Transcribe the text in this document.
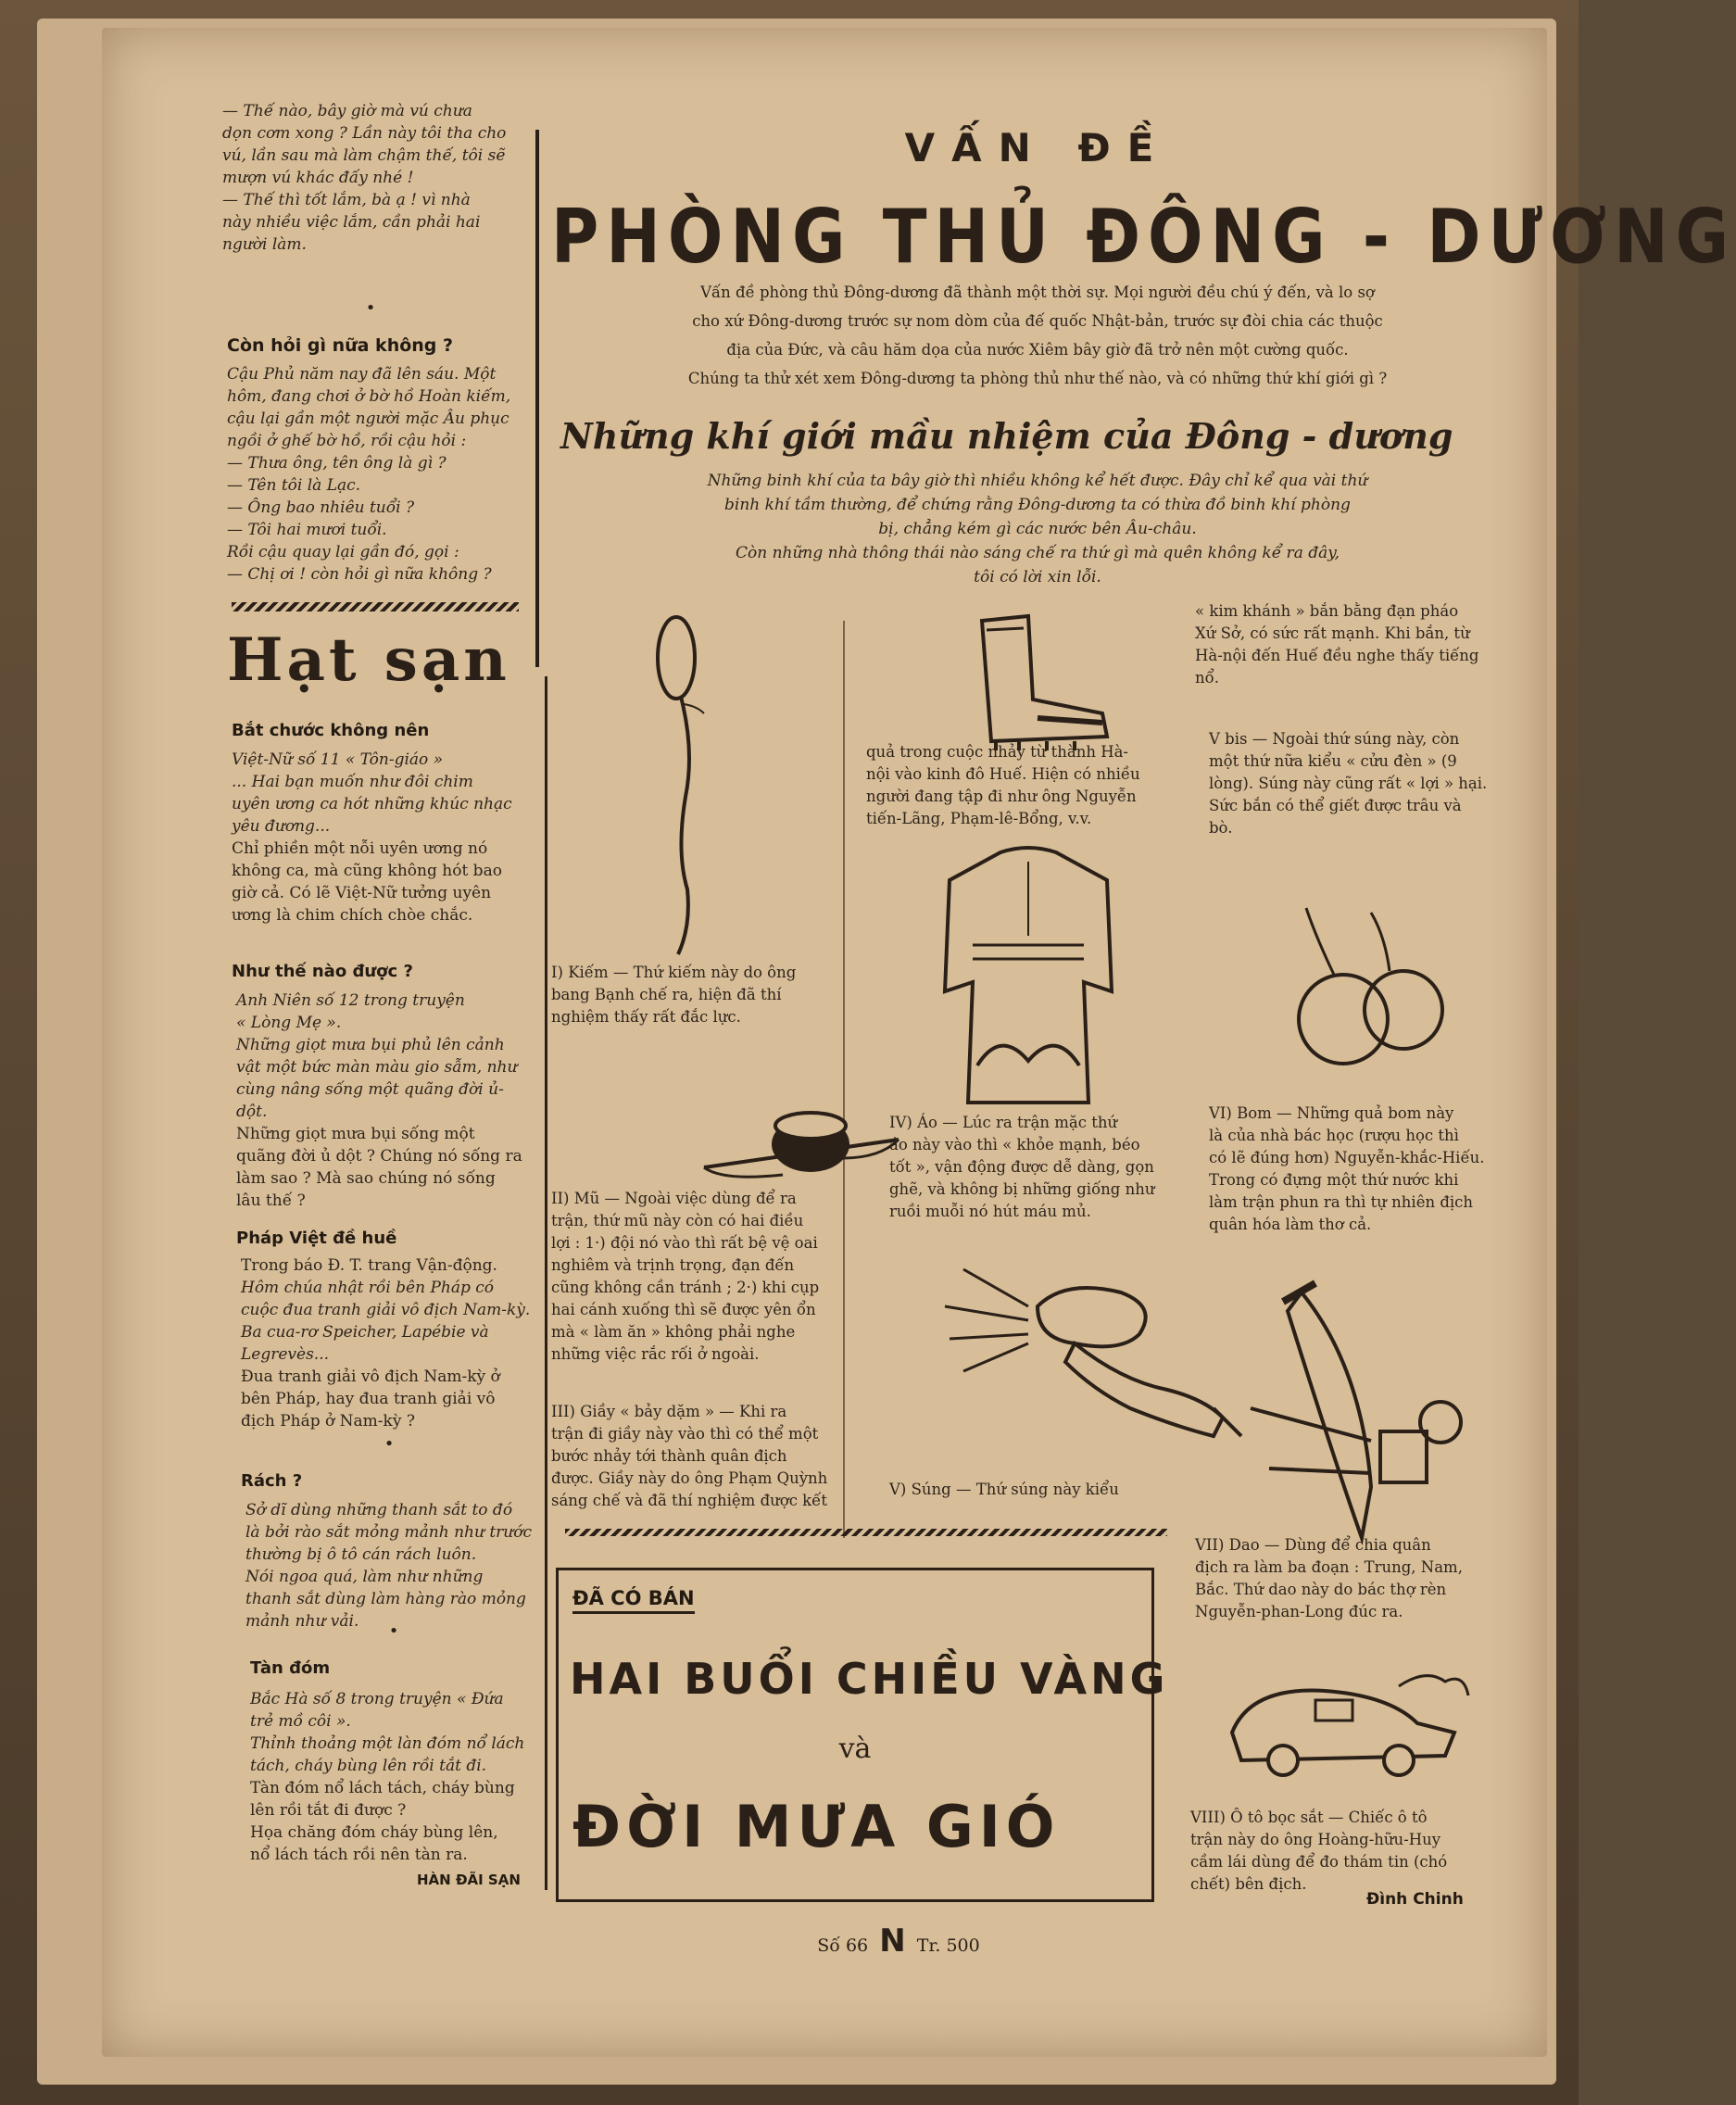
— Thế nào, bây giờ mà vú chưa
dọn cơm xong ? Lần này tôi tha cho
vú, lần sau mà làm chậm thế, tôi sẽ
mượn vú khác đấy nhé !
— Thế thì tốt lắm, bà ạ ! vì nhà
này nhiều việc lắm, cần phải hai
người làm.
•
Còn hỏi gì nữa không ?
Cậu Phủ năm nay đã lên sáu. Một
hôm, đang chơi ở bờ hồ Hoàn kiếm,
cậu lại gần một người mặc Âu phục
ngồi ở ghế bờ hồ, rồi cậu hỏi :
— Thưa ông, tên ông là gì ?
— Tên tôi là Lạc.
— Ông bao nhiêu tuổi ?
— Tôi hai mươi tuổi.
Rồi cậu quay lại gần đó, gọi :
— Chị ơi ! còn hỏi gì nữa không ?
Hạt sạn
Bắt chước không nên
Việt-Nữ số 11 « Tôn-giáo »
... Hai bạn muốn như đôi chim
uyên ương ca hót những khúc nhạc
yêu đương...
Chỉ phiền một nỗi uyên ương nó
không ca, mà cũng không hót bao
giờ cả. Có lẽ Việt-Nữ tưởng uyên
ương là chim chích chòe chắc.
Như thế nào được ?
Anh Niên số 12 trong truyện
« Lòng Mẹ ».
Những giọt mưa bụi phủ lên cảnh
vật một bức màn màu gio sẫm, như
cùng nâng sống một quãng đời ủ-
dột.
Những giọt mưa bụi sống một
quãng đời ủ dột ? Chúng nó sống ra
làm sao ? Mà sao chúng nó sống
lâu thế ?
Pháp Việt đề huề
Trong báo Đ. T. trang Vận-động.
Hôm chúa nhật rồi bên Pháp có
cuộc đua tranh giải vô địch Nam-kỳ.
Ba cua-rơ Speicher, Lapébie và
Legrevès...
Đua tranh giải vô địch Nam-kỳ ở
bên Pháp, hay đua tranh giải vô
địch Pháp ở Nam-kỳ ?
•
Rách ?
Sở dĩ dùng những thanh sắt to đó
là bởi rào sắt mỏng mảnh như trước
thường bị ô tô cán rách luôn.
Nói ngoa quá, làm như những
thanh sắt dùng làm hàng rào mỏng
mảnh như vải.	•
Tàn đóm
Bắc Hà số 8 trong truyện « Đứa
trẻ mồ côi ».
Thỉnh thoảng một làn đóm nổ lách
tách, cháy bùng lên rồi tắt đi.
Tàn đóm nổ lách tách, cháy bùng
lên rồi tắt đi được ?
Họa chăng đóm cháy bùng lên,
nổ lách tách rồi nên tàn ra.
HÀN ĐÃI SẠN
VẤN ĐỀ
PHÒNG THỦ ĐÔNG - DƯƠNG
Vấn đề phòng thủ Đông-dương đã thành một thời sự. Mọi người đều chú ý đến, và lo sợ
cho xứ Đông-dương trước sự nom dòm của đế quốc Nhật-bản, trước sự đòi chia các thuộc
địa của Đức, và câu hăm dọa của nước Xiêm bây giờ đã trở nên một cường quốc.
Chúng ta thử xét xem Đông-dương ta phòng thủ như thế nào, và có những thứ khí giới gì ?
Những khí giới mầu nhiệm của Đông - dương
Những binh khí của ta bây giờ thì nhiều không kể hết được. Đây chỉ kể qua vài thứ
binh khí tầm thường, để chứng rằng Đông-dương ta có thừa đồ binh khí phòng
bị, chẳng kém gì các nước bên Âu-châu.
Còn những nhà thông thái nào sáng chế ra thứ gì mà quên không kể ra đây,
tôi có lời xin lỗi.
I) Kiếm — Thứ kiếm này do ông
bang Bạnh chế ra, hiện đã thí
nghiệm thấy rất đắc lực.
II) Mũ — Ngoài việc dùng để ra
trận, thứ mũ này còn có hai điều
lợi : 1·) đội nó vào thì rất bệ vệ oai
nghiêm và trịnh trọng, đạn đến
cũng không cần tránh ; 2·) khi cụp
hai cánh xuống thì sẽ được yên ổn
mà « làm ăn » không phải nghe
những việc rắc rối ở ngoài.
III) Giầy « bảy dặm » — Khi ra
trận đi giầy này vào thì có thể một
bước nhảy tới thành quân địch
được. Giầy này do ông Phạm Quỳnh
sáng chế và đã thí nghiệm được kết
quả trong cuộc nhảy từ thành Hà-
nội vào kinh đô Huế. Hiện có nhiều
người đang tập đi như ông Nguyễn
tiến-Lãng, Phạm-lê-Bổng, v.v.
IV) Áo — Lúc ra trận mặc thứ
áo này vào thì « khỏe mạnh, béo
tốt », vận động được dễ dàng, gọn
ghẽ, và không bị những giống như
ruồi muỗi nó hút máu mủ.
V) Súng — Thứ súng này kiểu
« kim khánh » bắn bằng đạn pháo
Xứ Sở, có sức rất mạnh. Khi bắn, từ
Hà-nội đến Huế đều nghe thấy tiếng
nổ.
V bis — Ngoài thứ súng này, còn
một thứ nữa kiểu « cửu đèn » (9
lòng). Súng này cũng rất « lợi » hại.
Sức bắn có thể giết được trâu và
bò.
VI) Bom — Những quả bom này
là của nhà bác học (rượu học thì
có lẽ đúng hơn) Nguyễn-khắc-Hiếu.
Trong có đựng một thứ nước khi
làm trận phun ra thì tự nhiên địch
quân hóa làm thơ cả.
VII) Dao — Dùng để chia quân
địch ra làm ba đoạn : Trung, Nam,
Bắc. Thứ dao này do bác thợ rèn
Nguyễn-phan-Long đúc ra.
VIII) Ô tô bọc sắt — Chiếc ô tô
trận này do ông Hoàng-hữu-Huy
cầm lái dùng để đo thám tin (chó
chết) bên địch.
Đình Chinh
ĐÃ CÓ BÁN
HAI BUỔI CHIỀU VÀNG
và
ĐỜI MƯA GIÓ
Số 66 N Tr. 500
